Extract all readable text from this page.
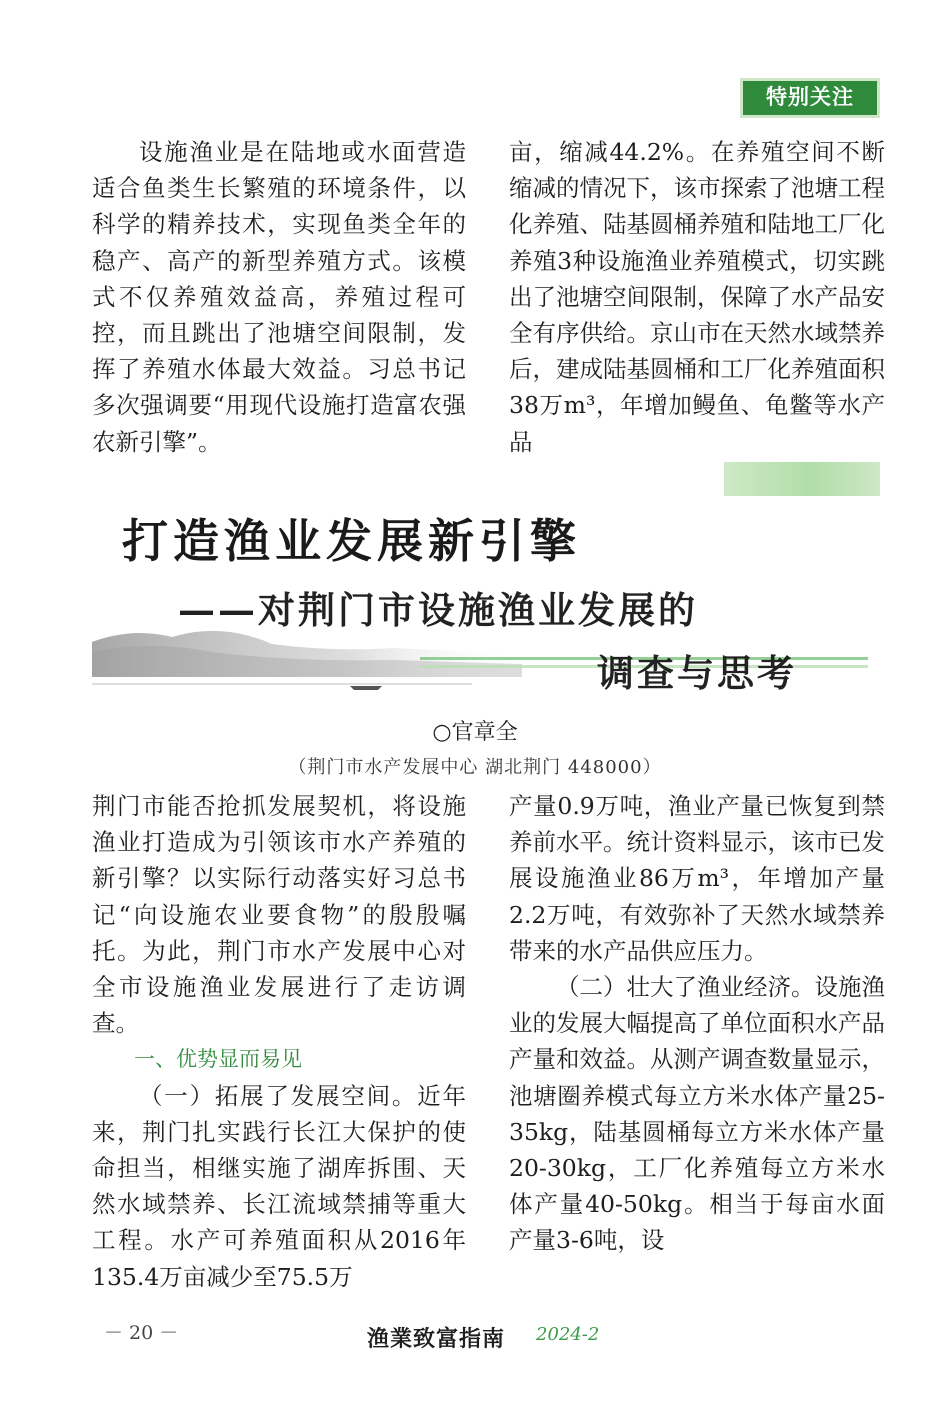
特别关注

设施渔业是在陆地或水面营造适合鱼类生长繁殖的环境条件，以科学的精养技术，实现鱼类全年的稳产、高产的新型养殖方式。该模式不仅养殖效益高，养殖过程可控，而且跳出了池塘空间限制，发挥了养殖水体最大效益。习总书记多次强调要“用现代设施打造富农强农新引擎”。

亩，缩减44.2%。在养殖空间不断缩减的情况下，该市探索了池塘工程化养殖、陆基圆桶养殖和陆地工厂化养殖3种设施渔业养殖模式，切实跳出了池塘空间限制，保障了水产品安全有序供给。京山市在天然水域禁养后，建成陆基圆桶和工厂化养殖面积38万m³，年增加鳗鱼、龟鳖等水产品

打造渔业发展新引擎
——对荆门市设施渔业发展的
调查与思考
○官章全
（荆门市水产发展中心 湖北荆门 448000）

荆门市能否抢抓发展契机，将设施渔业打造成为引领该市水产养殖的新引擎？以实际行动落实好习总书记“向设施农业要食物”的殷殷嘱托。为此，荆门市水产发展中心对全市设施渔业发展进行了走访调查。

一、优势显而易见

（一）拓展了发展空间。近年来，荆门扎实践行长江大保护的使命担当，相继实施了湖库拆围、天然水域禁养、长江流域禁捕等重大工程。水产可养殖面积从2016年135.4万亩减少至75.5万

产量0.9万吨，渔业产量已恢复到禁养前水平。统计资料显示，该市已发展设施渔业86万m³，年增加产量2.2万吨，有效弥补了天然水域禁养带来的水产品供应压力。

（二）壮大了渔业经济。设施渔业的发展大幅提高了单位面积水产品产量和效益。从测产调查数量显示，池塘圈养模式每立方米水体产量25-35kg，陆基圆桶每立方米水体产量20-30kg，工厂化养殖每立方米水体产量40-50kg。相当于每亩水面产量3-6吨，设

－ 20 －	渔業致富指南 2024-2
